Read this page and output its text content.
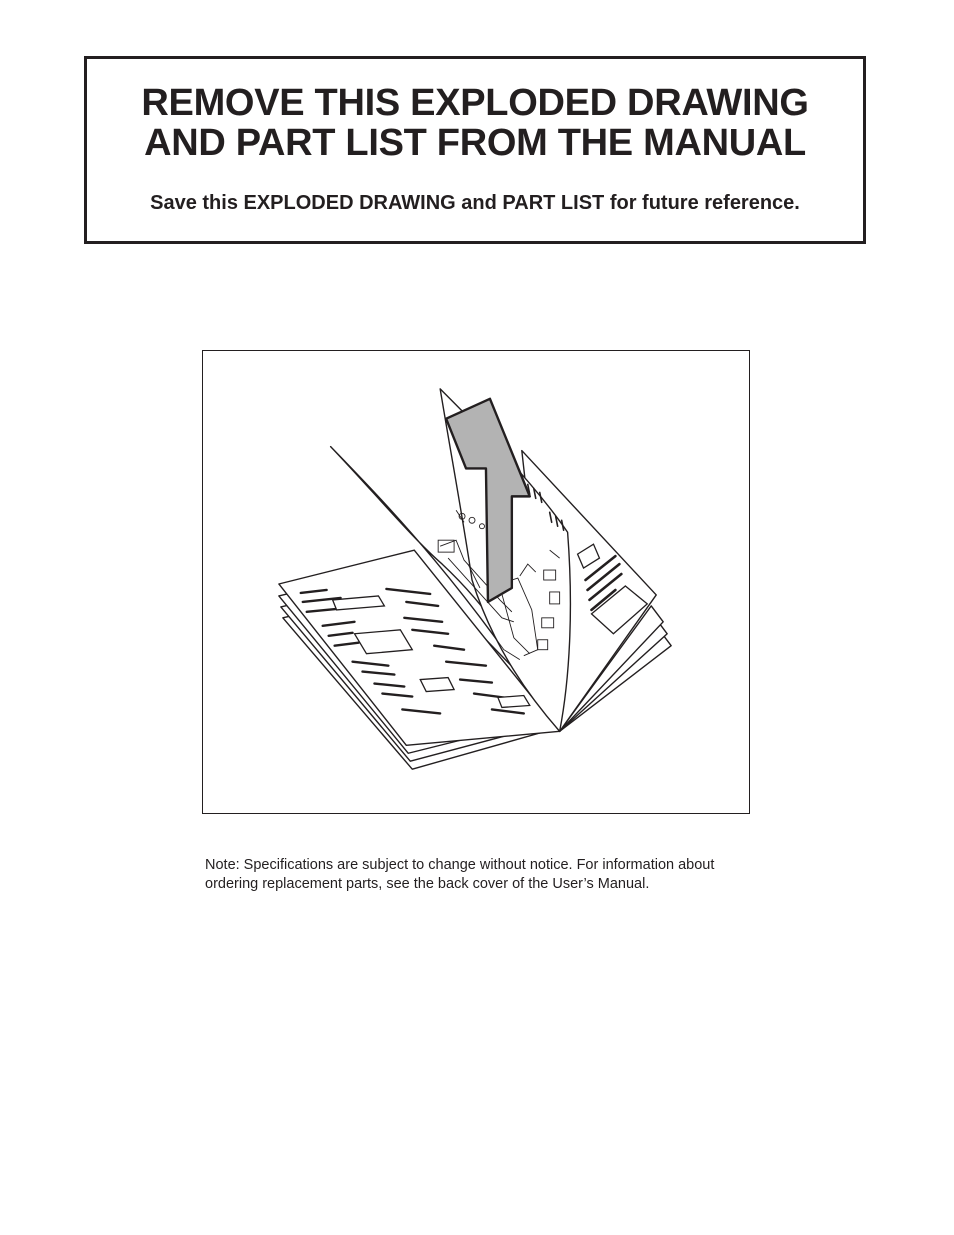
REMOVE THIS EXPLODED DRAWING
AND PART LIST FROM THE MANUAL

Save this EXPLODED DRAWING and PART LIST for future reference.

Note: Specifications are subject to change without notice. For information about
ordering replacement parts, see the back cover of the User’s Manual.
